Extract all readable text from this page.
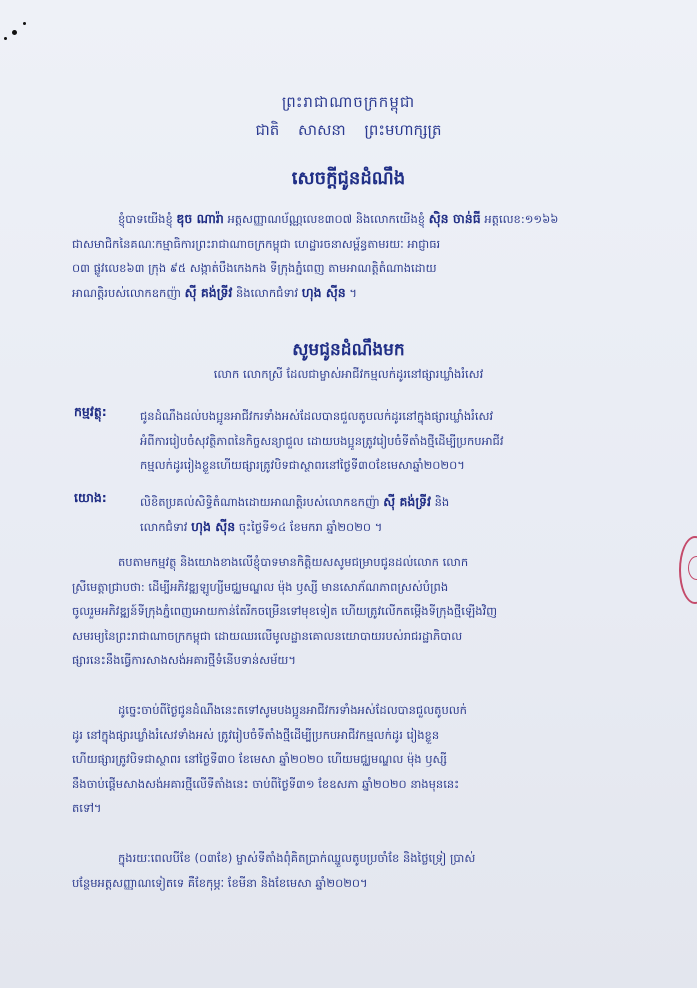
ព្រះរាជាណាចក្រកម្ពុជា
ជាតិ សាសនា ព្រះមហាក្សត្រ
សេចក្តីជូនដំណឹង
ខ្ញុំបាទយើងខ្ញុំ ឌុច ណារ៉ា អត្តសញ្ញាណប័ណ្ណលេខ៣០៧ និងលោកយើងខ្ញុំ ស៊ិន ចាន់ធី អត្តលេខ:១១៦៦
ជាសមាជិកនៃគណៈកម្មាធិការព្រះរាជាណាចក្រកម្ពុជា ហេដ្ឋារចនាសម្ព័ន្ធតាមរយៈ អាជ្ញាធរ
០៣ ផ្លូវលេខ៦៣ ក្រុង ៩៥ សង្កាត់បឹងកេងកង ទីក្រុងភ្នំពេញ តាមអាណត្តិតំណាងដោយ
អាណត្តិរបស់លោកឧកញ៉ា ស៊ី គង់ទ្រីវ និងលោកជំទាវ ហុង ស៊ីន ។
សូមជូនដំណឹងមក
លោក លោកស្រី ដែលជាម្ចាស់អាជីវកម្មលក់ដូរនៅផ្សារឃ្លាំងរំសេវ
កម្មវត្ថុ:	ជូនដំណឹងដល់បងប្អូនអាជីវករទាំងអស់ដែលបានជួលតូបលក់ដូរនៅក្នុងផ្សារឃ្លាំងរំសេវ
អំពីការរៀបចំសុវត្ថិភាពនៃកិច្ចសន្យាជួល ដោយបងប្អូនត្រូវរៀបចំទីតាំងថ្មីដើម្បីប្រកបអាជីវ
កម្មលក់ដូររៀងខ្លួនហើយផ្សារត្រូវបិទជាស្ថាពរនៅថ្ងៃទី៣០ខែមេសាឆ្នាំ២០២០។
យោង:	លិខិតប្រគល់សិទ្ធិតំណាងដោយអាណត្តិរបស់លោកឧកញ៉ា ស៊ី គង់ទ្រីវ និង
លោកជំទាវ ហុង ស៊ីន ចុះថ្ងៃទី១៤ ខែមករា ឆ្នាំ២០២០ ។
តបតាមកម្មវត្ថុ និងយោងខាងលើខ្ញុំបាទមានកិត្តិយសសូមជម្រាបជូនដល់លោក លោក
ស្រីមេត្តាជ្រាបថា: ដើម្បីអភិវឌ្ឍឡូហ្សីមជ្ឈមណ្ឌល ម៉ុង ឫស្សី មានសោភ័ណភាពស្រស់បំព្រង
ចូលរួមអភិវឌ្ឍន៍ទីក្រុងភ្នំពេញអោយកាន់តែរីកចម្រើនទៅមុខទៀត ហើយត្រូវលើកតម្កើងទីក្រុងថ្មីឡើងវិញ
សមរម្យនៃព្រះរាជាណាចក្រកម្ពុជា ដោយឈរលើមូលដ្ឋានគោលនយោបាយរបស់រាជរដ្ឋាភិបាល
ផ្សារនេះនឹងធ្វើការសាងសង់អគារថ្មីទំនើបទាន់សម័យ។
ដូច្នេះចាប់ពីថ្ងៃជូនដំណឹងនេះតទៅសូមបងប្អូនអាជីវករទាំងអស់ដែលបានជួលតូបលក់
ដូរ នៅក្នុងផ្សារឃ្លាំងរំសេវទាំងអស់ ត្រូវរៀបចំទីតាំងថ្មីដើម្បីប្រកបអាជីវកម្មលក់ដូរ រៀងខ្លួន
ហើយផ្សារត្រូវបិទជាស្ថាពរ នៅថ្ងៃទី៣០ ខែមេសា ឆ្នាំ២០២០ ហើយមជ្ឈមណ្ឌល ម៉ុង ឫស្សី
នឹងចាប់ផ្តើមសាងសង់អគារថ្មីលើទីតាំងនេះ ចាប់ពីថ្ងៃទី៣១ ខែឧសភា ឆ្នាំ២០២០ នាងមុននេះ
តទៅ។
ក្នុងរយៈពេលបីខែ (០៣ខែ) ម្ចាស់ទីតាំងពុំគិតប្រាក់ឈ្នួលតូបប្រចាំខែ និងថ្លៃទ្រៀ ប្រាស់
បន្ថែមអត្តសញ្ញាណទៀតទេ គឺខែកុម្ភៈ ខែមីនា និងខែមេសា ឆ្នាំ២០២០។
